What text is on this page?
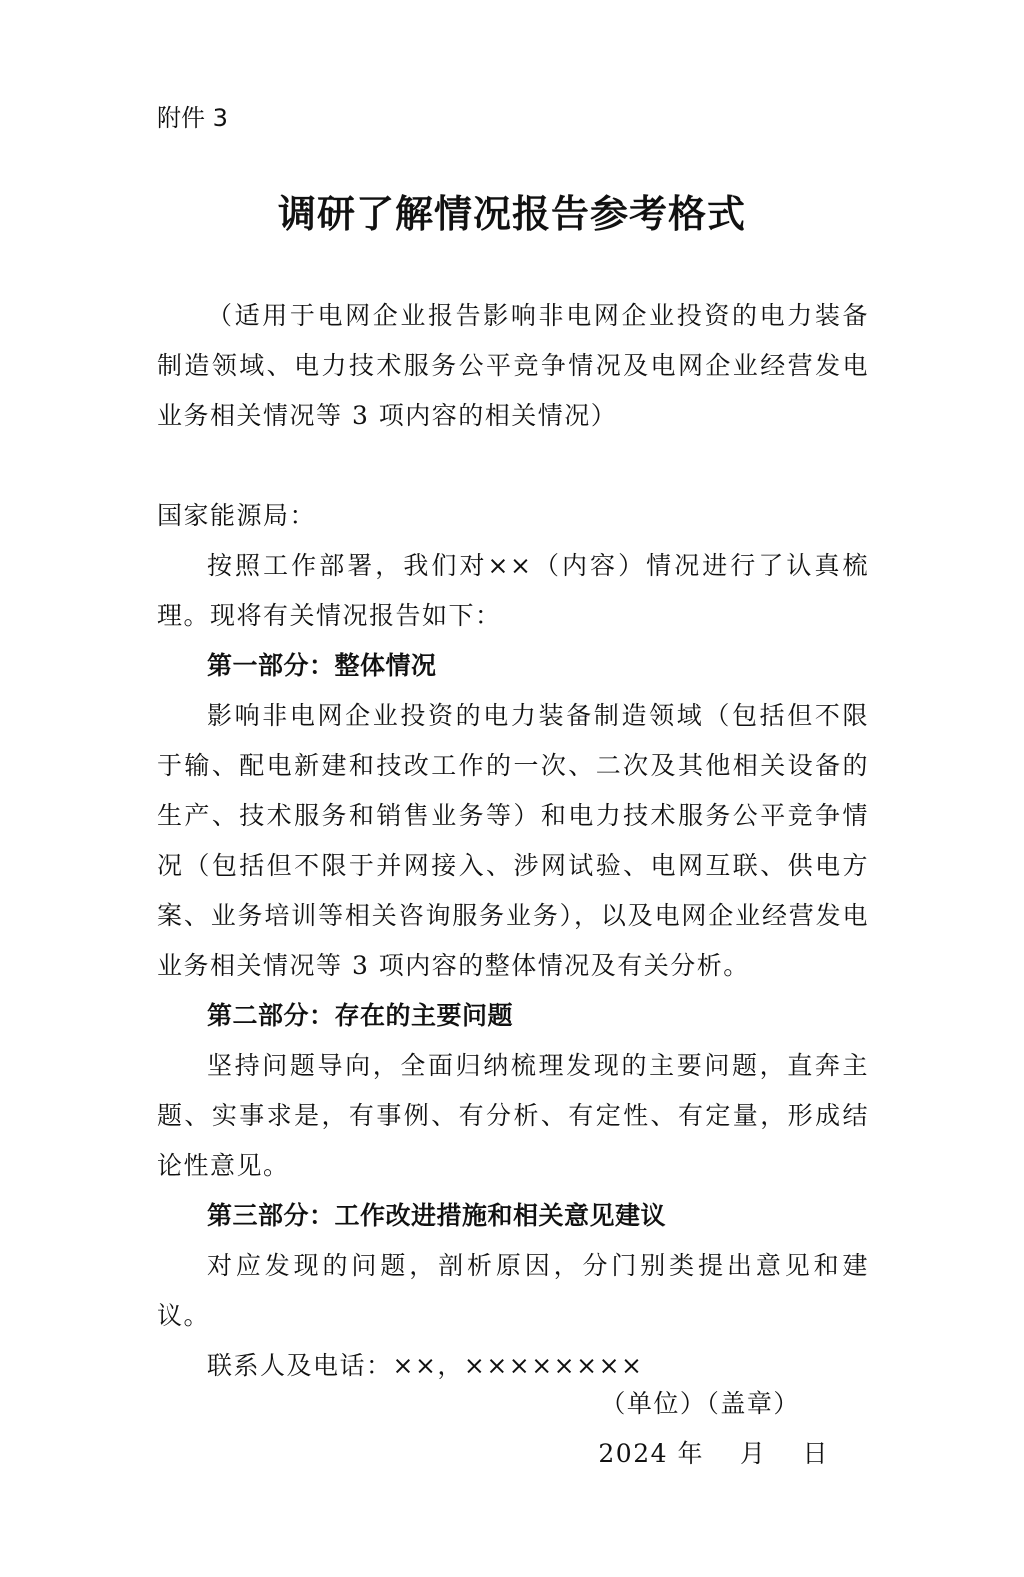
附件 3
调研了解情况报告参考格式

（适用于电网企业报告影响非电网企业投资的电力装备制造领域、电力技术服务公平竞争情况及电网企业经营发电业务相关情况等 3 项内容的相关情况）

国家能源局：

按照工作部署，我们对××（内容）情况进行了认真梳理。现将有关情况报告如下：

第一部分：整体情况

影响非电网企业投资的电力装备制造领域（包括但不限于输、配电新建和技改工作的一次、二次及其他相关设备的生产、技术服务和销售业务等）和电力技术服务公平竞争情况（包括但不限于并网接入、涉网试验、电网互联、供电方案、业务培训等相关咨询服务业务），以及电网企业经营发电业务相关情况等 3 项内容的整体情况及有关分析。

第二部分：存在的主要问题

坚持问题导向，全面归纳梳理发现的主要问题，直奔主题、实事求是，有事例、有分析、有定性、有定量，形成结论性意见。

第三部分：工作改进措施和相关意见建议

对应发现的问题，剖析原因，分门别类提出意见和建议。

联系人及电话：××，××××××××

（单位）（盖章）

2024 年 月 日
